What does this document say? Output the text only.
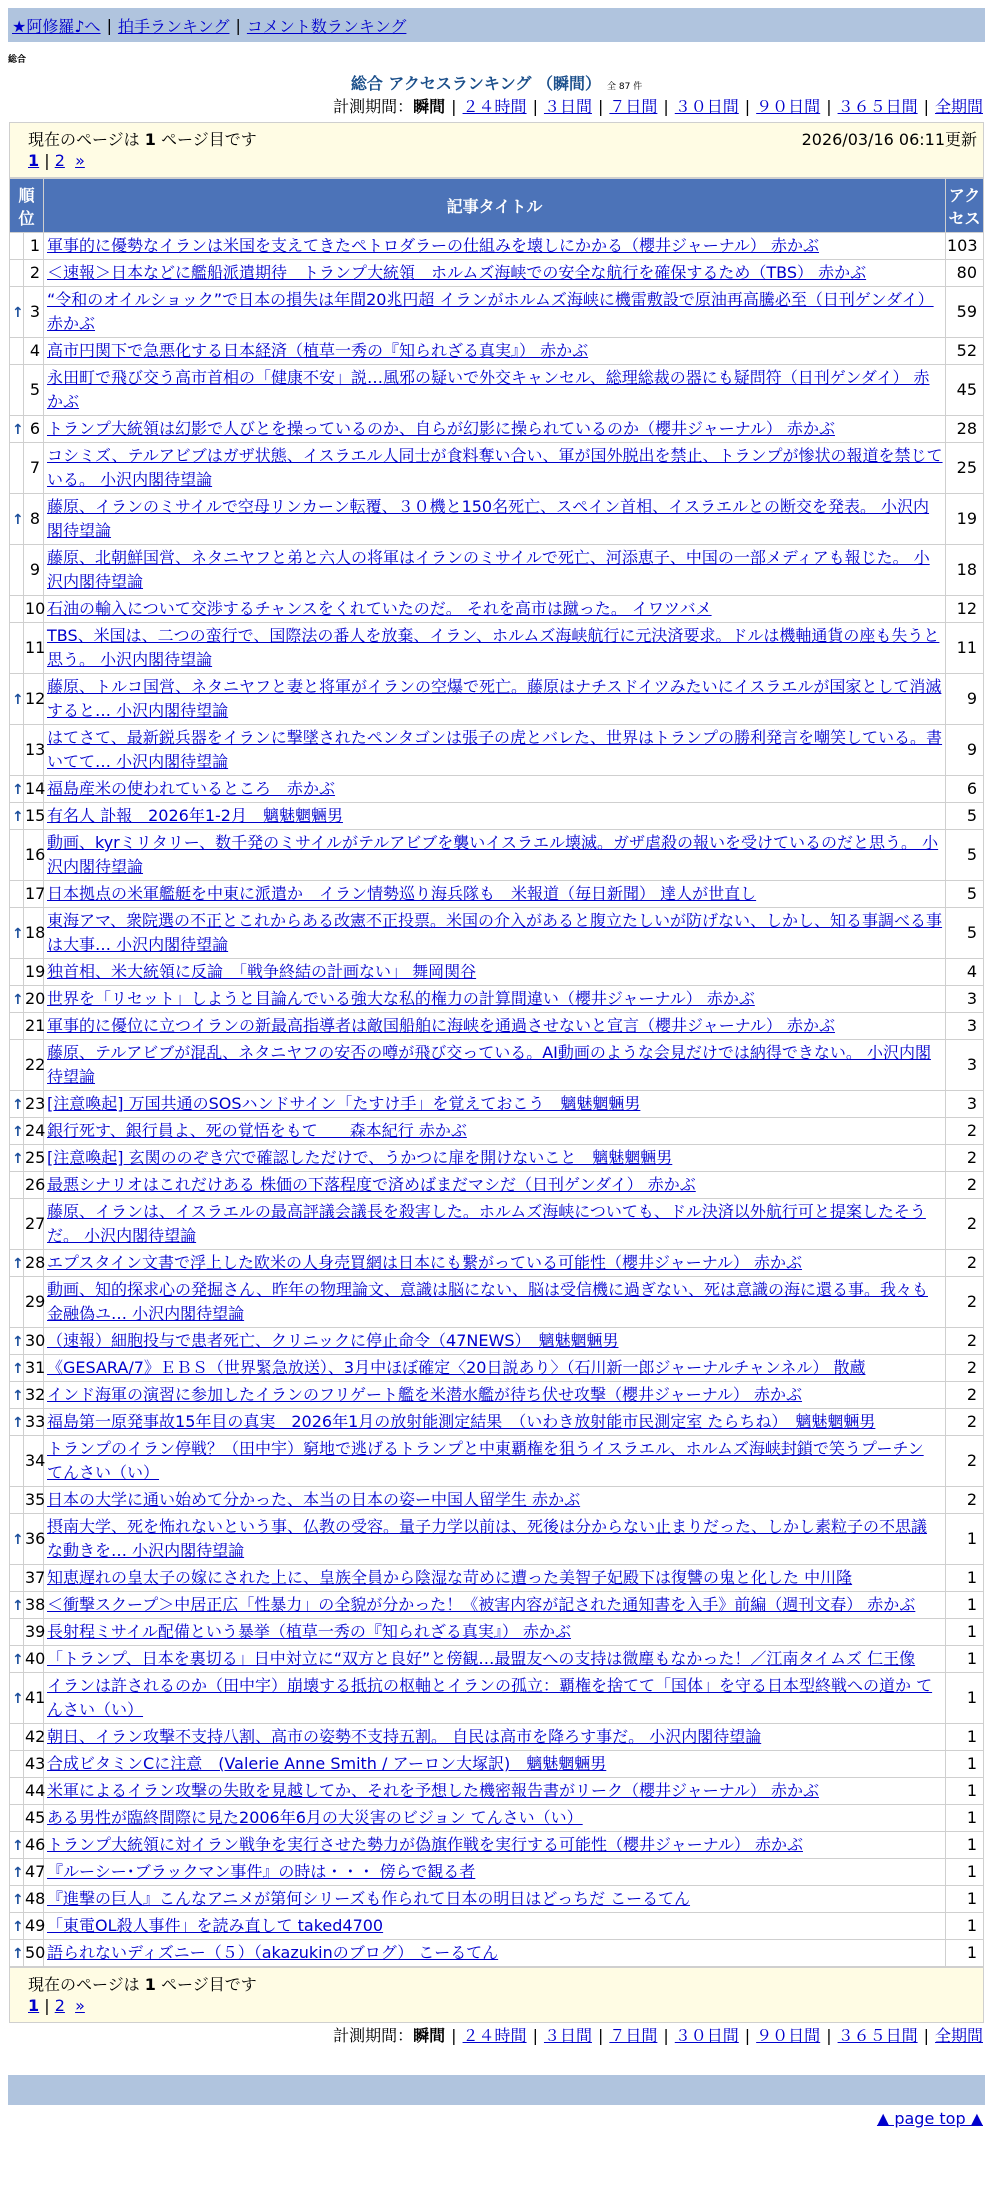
★阿修羅♪へ | 拍手ランキング | コメント数ランキング
総合
総合 アクセスランキング （瞬間） 全 87 件
計測期間：瞬間 | ２４時間 | ３日間 | ７日間 | ３０日間 | ９０日間 | ３６５日間 | 全期間
現在のページは 1 ページ目です	2026/03/16 06:11更新
1 | 2 »
順位		記事タイトル	アクセス
	1	軍事的に優勢なイランは米国を支えてきたペトロダラーの仕組みを壊しにかかる（櫻井ジャーナル） 赤かぶ	103
	2	＜速報＞日本などに艦船派遣期待　トランプ大統領　ホルムズ海峡での安全な航行を確保するため（TBS） 赤かぶ	80
↑	3	“令和のオイルショック”で日本の損失は年間20兆円超 イランがホルムズ海峡に機雷敷設で原油再高騰必至（日刊ゲンダイ） 赤かぶ	59
	4	高市円関下で急悪化する日本経済（植草一秀の『知られざる真実』） 赤かぶ	52
	5	永田町で飛び交う高市首相の「健康不安」説…風邪の疑いで外交キャンセル、総理総裁の器にも疑問符（日刊ゲンダイ） 赤かぶ	45
↑	6	トランプ大統領は幻影で人びとを操っているのか、自らが幻影に操られているのか（櫻井ジャーナル） 赤かぶ	28
	7	コシミズ、テルアビブはガザ状態、イスラエル人同士が食料奪い合い、軍が国外脱出を禁止、トランプが惨状の報道を禁じている。 小沢内閣待望論	25
↑	8	藤原、イランのミサイルで空母リンカーン転覆、３０機と150名死亡、スペイン首相、イスラエルとの断交を発表。 小沢内閣待望論	19
	9	藤原、北朝鮮国営、ネタニヤフと弟と六人の将軍はイランのミサイルで死亡、河添恵子、中国の一部メディアも報じた。 小沢内閣待望論	18
	10	石油の輸入について交渉するチャンスをくれていたのだ。 それを高市は蹴った。 イワツバメ	12
	11	TBS、米国は、二つの蛮行で、国際法の番人を放棄、イラン、ホルムズ海峡航行に元決済要求。ドルは機軸通貨の座も失うと思う。 小沢内閣待望論	11
↑	12	藤原、トルコ国営、ネタニヤフと妻と将軍がイランの空爆で死亡。藤原はナチスドイツみたいにイスラエルが国家として消滅すると… 小沢内閣待望論	9
	13	はてさて、最新鋭兵器をイランに撃墜されたペンタゴンは張子の虎とバレた、世界はトランプの勝利発言を嘲笑している。書いてて… 小沢内閣待望論	9
↑	14	福島産米の使われているところ　赤かぶ	6
↑	15	有名人 訃報　2026年1-2月　魑魅魍魎男	5
	16	動画、kyrミリタリー、数千発のミサイルがテルアビブを襲いイスラエル壊滅。ガザ虐殺の報いを受けているのだと思う。 小沢内閣待望論	5
	17	日本拠点の米軍艦艇を中東に派遣か　イラン情勢巡り海兵隊も　米報道（毎日新聞） 達人が世直し	5
↑	18	東海アマ、衆院選の不正とこれからある改憲不正投票。米国の介入があると腹立たしいが防げない、しかし、知る事調べる事は大事… 小沢内閣待望論	5
	19	独首相、米大統領に反論　「戦争終結の計画ない」 舞岡関谷	4
↑	20	世界を「リセット」しようと目論んでいる強大な私的権力の計算間違い（櫻井ジャーナル） 赤かぶ	3
	21	軍事的に優位に立つイランの新最高指導者は敵国船舶に海峡を通過させないと宣言（櫻井ジャーナル） 赤かぶ	3
	22	藤原、テルアビブが混乱、ネタニヤフの安否の噂が飛び交っている。AI動画のような会見だけでは納得できない。 小沢内閣待望論	3
↑	23	[注意喚起] 万国共通のSOSハンドサイン「たすけ手」を覚えておこう　魑魅魍魎男	3
↑	24	銀行死す、銀行員よ、死の覚悟をもて　　森本紀行 赤かぶ	2
↑	25	[注意喚起] 玄関ののぞき穴で確認しただけで、うかつに扉を開けないこと　魑魅魍魎男	2
	26	最悪シナリオはこれだけある 株価の下落程度で済めばまだマシだ（日刊ゲンダイ） 赤かぶ	2
	27	藤原、イランは、イスラエルの最高評議会議長を殺害した。ホルムズ海峡についても、ドル決済以外航行可と提案したそうだ。 小沢内閣待望論	2
↑	28	エプスタイン文書で浮上した欧米の人身売買網は日本にも繋がっている可能性（櫻井ジャーナル） 赤かぶ	2
	29	動画、知的探求心の発掘さん、昨年の物理論文、意識は脳にない、脳は受信機に過ぎない、死は意識の海に還る事。我々も金融偽ユ… 小沢内閣待望論	2
↑	30	（速報）細胞投与で患者死亡、クリニックに停止命令（47NEWS）　魑魅魍魎男	2
↑	31	《GESARA/7》ＥＢＳ（世界緊急放送）、3月中ほぼ確定〈20日説あり〉（石川新一郎ジャーナルチャンネル） 散蔵	2
↑	32	インド海軍の演習に参加したイランのフリゲート艦を米潜水艦が待ち伏せ攻撃（櫻井ジャーナル） 赤かぶ	2
↑	33	福島第一原発事故15年目の真実　2026年1月の放射能測定結果　（いわき放射能市民測定室 たらちね）　魑魅魍魎男	2
	34	トランプのイラン停戦？（田中宇）窮地で逃げるトランプと中東覇権を狙うイスラエル、ホルムズ海峡封鎖で笑うプーチン てんさい（い）	2
	35	日本の大学に通い始めて分かった、本当の日本の姿ー中国人留学生 赤かぶ	2
↑	36	摂南大学、死を怖れないという事、仏教の受容。量子力学以前は、死後は分からない止まりだった、しかし素粒子の不思議な動きを… 小沢内閣待望論	1
	37	知恵遅れの皇太子の嫁にされた上に、皇族全員から陰湿な苛めに遭った美智子妃殿下は復讐の鬼と化した 中川隆	1
↑	38	＜衝撃スクープ＞中居正広「性暴力」の全貌が分かった！《被害内容が記された通知書を入手》前編（週刊文春） 赤かぶ	1
	39	長射程ミサイル配備という暴挙（植草一秀の『知られざる真実』） 赤かぶ	1
↑	40	「トランプ、日本を裏切る」日中対立に“双方と良好”と傍観…最盟友への支持は微塵もなかった！／江南タイムズ 仁王像	1
↑	41	イランは許されるのか（田中宇）崩壊する抵抗の枢軸とイランの孤立：覇権を捨てて「国体」を守る日本型終戦への道か てんさい（い）	1
	42	朝日、イラン攻撃不支持八割、高市の姿勢不支持五割。 自民は高市を降ろす事だ。 小沢内閣待望論	1
	43	合成ビタミンCに注意　(Valerie Anne Smith / アーロン大塚訳)　魑魅魍魎男	1
	44	米軍によるイラン攻撃の失敗を見越してか、それを予想した機密報告書がリーク（櫻井ジャーナル） 赤かぶ	1
	45	ある男性が臨終間際に見た2006年6月の大災害のビジョン てんさい（い）	1
↑	46	トランプ大統領に対イラン戦争を実行させた勢力が偽旗作戦を実行する可能性（櫻井ジャーナル） 赤かぶ	1
↑	47	『ルーシー･ブラックマン事件』の時は・・・ 傍らで観る者	1
↑	48	『進撃の巨人』こんなアニメが第何シリーズも作られて日本の明日はどっちだ こーるてん	1
↑	49	「東電OL殺人事件」を読み直して taked4700	1
↑	50	語られないディズニー（５）（akazukinのブログ） こーるてん	1
現在のページは 1 ページ目です
1 | 2 »
計測期間：瞬間 | ２４時間 | ３日間 | ７日間 | ３０日間 | ９０日間 | ３６５日間 | 全期間
▲ page top ▲
